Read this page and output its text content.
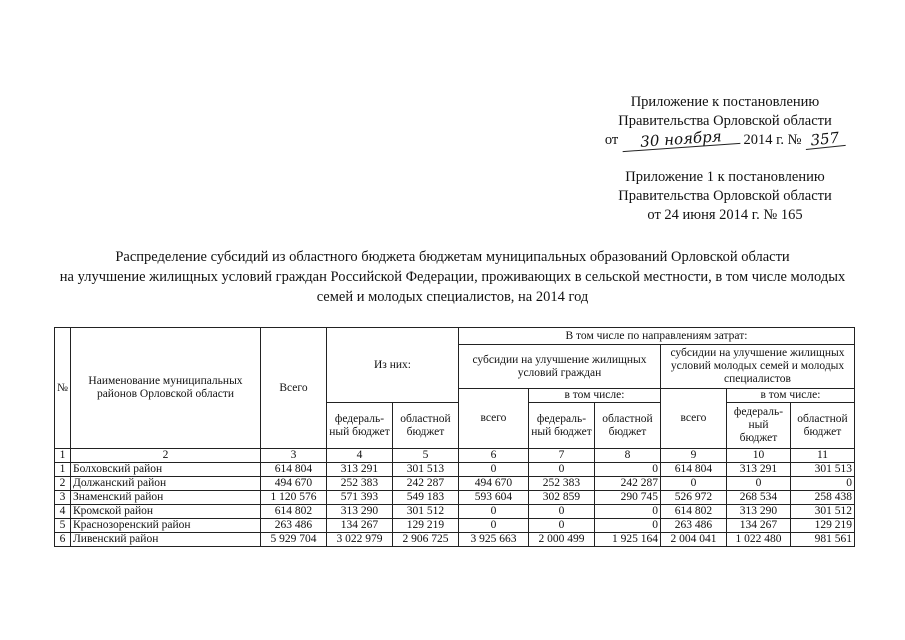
Приложение к постановлению
Правительства Орловской области
от 30 ноября 2014 г. № 357
Приложение 1 к постановлению
Правительства Орловской области
от 24 июня 2014 г. № 165
Распределение субсидий из областного бюджета бюджетам муниципальных образований Орловской области
на улучшение жилищных условий граждан Российской Федерации, проживающих в сельской местности, в том числе молодых
семей и молодых специалистов, на 2014 год
№	Наименование муниципальных районов Орловской области	Всего	Из них:		В том числе по направлениям затрат:					
					субсидии на улучшение жилищных условий граждан			субсидии на улучшение жилищных условий молодых семей и молодых специалистов		
					всего	в том числе:		всего	в том числе:	
			федераль-ный бюджет	областной бюджет		федераль-ный бюджет	областной бюджет		федераль-ный бюджет	областной бюджет
1	2	3	4	5	6	7	8	9	10	11
1	Болховский район	614 804	313 291	301 513	0	0	0	614 804	313 291	301 513
2	Должанский район	494 670	252 383	242 287	494 670	252 383	242 287	0	0	0
3	Знаменский район	1 120 576	571 393	549 183	593 604	302 859	290 745	526 972	268 534	258 438
4	Кромской район	614 802	313 290	301 512	0	0	0	614 802	313 290	301 512
5	Краснозоренский район	263 486	134 267	129 219	0	0	0	263 486	134 267	129 219
6	Ливенский район	5 929 704	3 022 979	2 906 725	3 925 663	2 000 499	1 925 164	2 004 041	1 022 480	981 561
